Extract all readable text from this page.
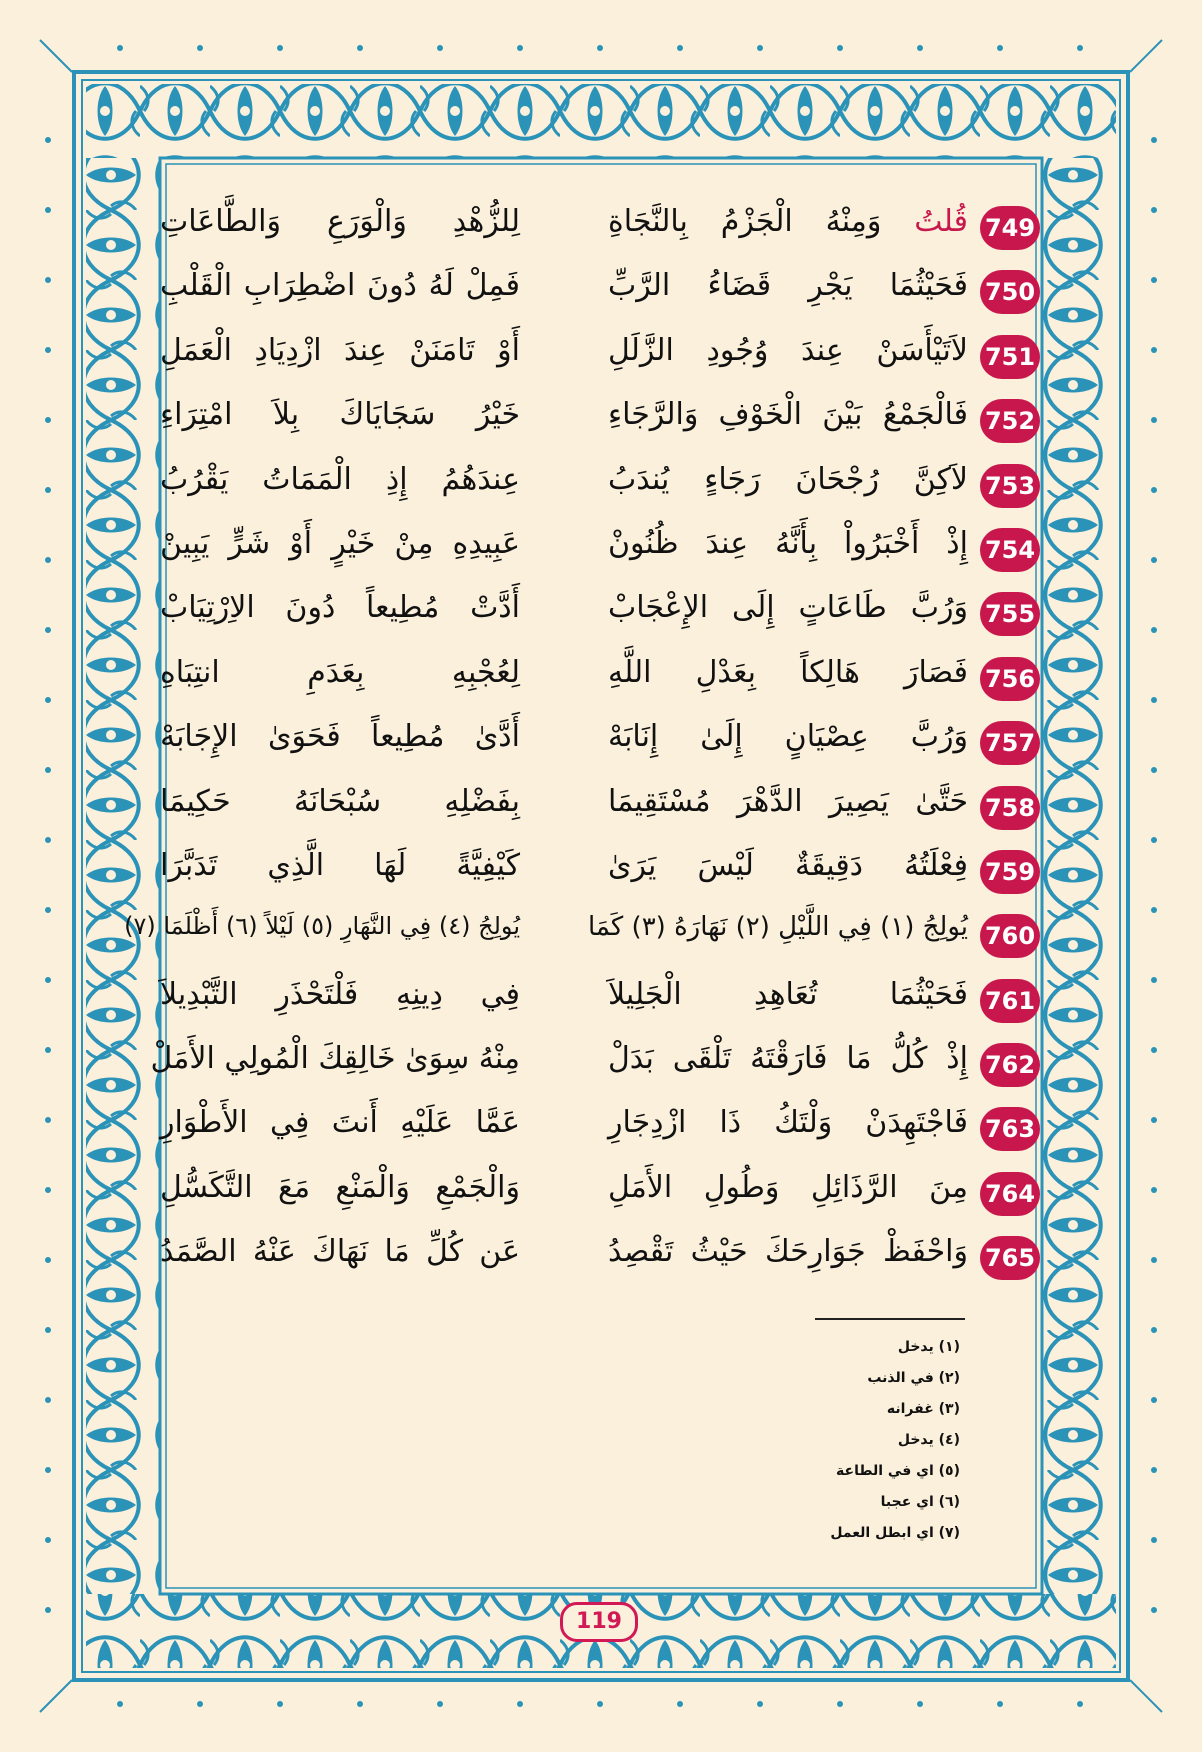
749
قُلتُ وَمِنْهُ الْجَزْمُ بِالنَّجَاةِ
لِلزُّهْدِ وَالْوَرَعِ وَالطَّاعَاتِ
750
فَحَيْثُمَا يَجْرِ قَضَاءُ الرَّبِّ
فَمِلْ لَهُ دُونَ اضْطِرَابِ الْقَلْبِ
751
لاَتَيْأَسَنْ عِندَ وُجُودِ الزَّلَلِ
أَوْ تَامَنَنْ عِندَ ازْدِيَادِ الْعَمَلِ
752
فَالْجَمْعُ بَيْنَ الْخَوْفِ وَالرَّجَاءِ
خَيْرُ سَجَايَاكَ بِلاَ امْتِرَاءِ
753
لاَكِنَّ رُجْحَانَ رَجَاءٍ يُندَبُ
عِندَهُمُ إِذِ الْمَمَاتُ يَقْرُبُ
754
إِذْ أَخْبَرُواْ بِأَنَّهُ عِندَ ظُنُونْ
عَبِيدِهِ مِنْ خَيْرٍ أَوْ شَرٍّ يَبِينْ
755
وَرُبَّ طَاعَاتٍ إِلَى الإِعْجَابْ
أَدَّتْ مُطِيعاً دُونَ الاِرْتِيَابْ
756
فَصَارَ هَالِكاً بِعَدْلِ اللَّهِ
لِعُجْبِهِ بِعَدَمِ انتِبَاهِ
757
وَرُبَّ عِصْيَانٍ إِلَىٰ إِنَابَهْ
أَدَّىٰ مُطِيعاً فَحَوَىٰ الإِجَابَهْ
758
حَتَّىٰ يَصِيرَ الدَّهْرَ مُسْتَقِيمَا
بِفَضْلِهِ سُبْحَانَهُ حَكِيمَا
759
فِعْلَتُهُ دَقِيقَةٌ لَيْسَ يَرَىٰ
كَيْفِيَّةً لَهَا الَّذِي تَدَبَّرَا
760
يُولِجُ (١) فِي اللَّيْلِ (٢) نَهَارَهُ (٣) كَمَا
يُولِجُ (٤) فِي النَّهَارِ (٥) لَيْلاً (٦) أَظْلَمَا (٧)
761
فَحَيْثُمَا تُعَاهِدِ الْجَلِيلاَ
فِي دِينِهِ فَلْتَحْذَرِ التَّبْدِيلاَ
762
إِذْ كُلُّ مَا فَارَقْتَهُ تَلْقَى بَدَلْ
مِنْهُ سِوَىٰ خَالِقِكَ الْمُولِي الأَمَلْ
763
فَاجْتَهِدَنْ وَلْتَكُ ذَا ازْدِجَارِ
عَمَّا عَلَيْهِ أَنتَ فِي الأَطْوَارِ
764
مِنَ الرَّذَائِلِ وَطُولِ الأَمَلِ
وَالْجَمْعِ وَالْمَنْعِ مَعَ التَّكَسُّلِ
765
وَاحْفَظْ جَوَارِحَكَ حَيْثُ تَقْصِدُ
عَن كُلِّ مَا نَهَاكَ عَنْهُ الصَّمَدُ
(١) يدخل
(٢) في الذنب
(٣) غفرانه
(٤) يدخل
(٥) اي في الطاعة
(٦) اي عجبا
(٧) اي ابطل العمل
119
